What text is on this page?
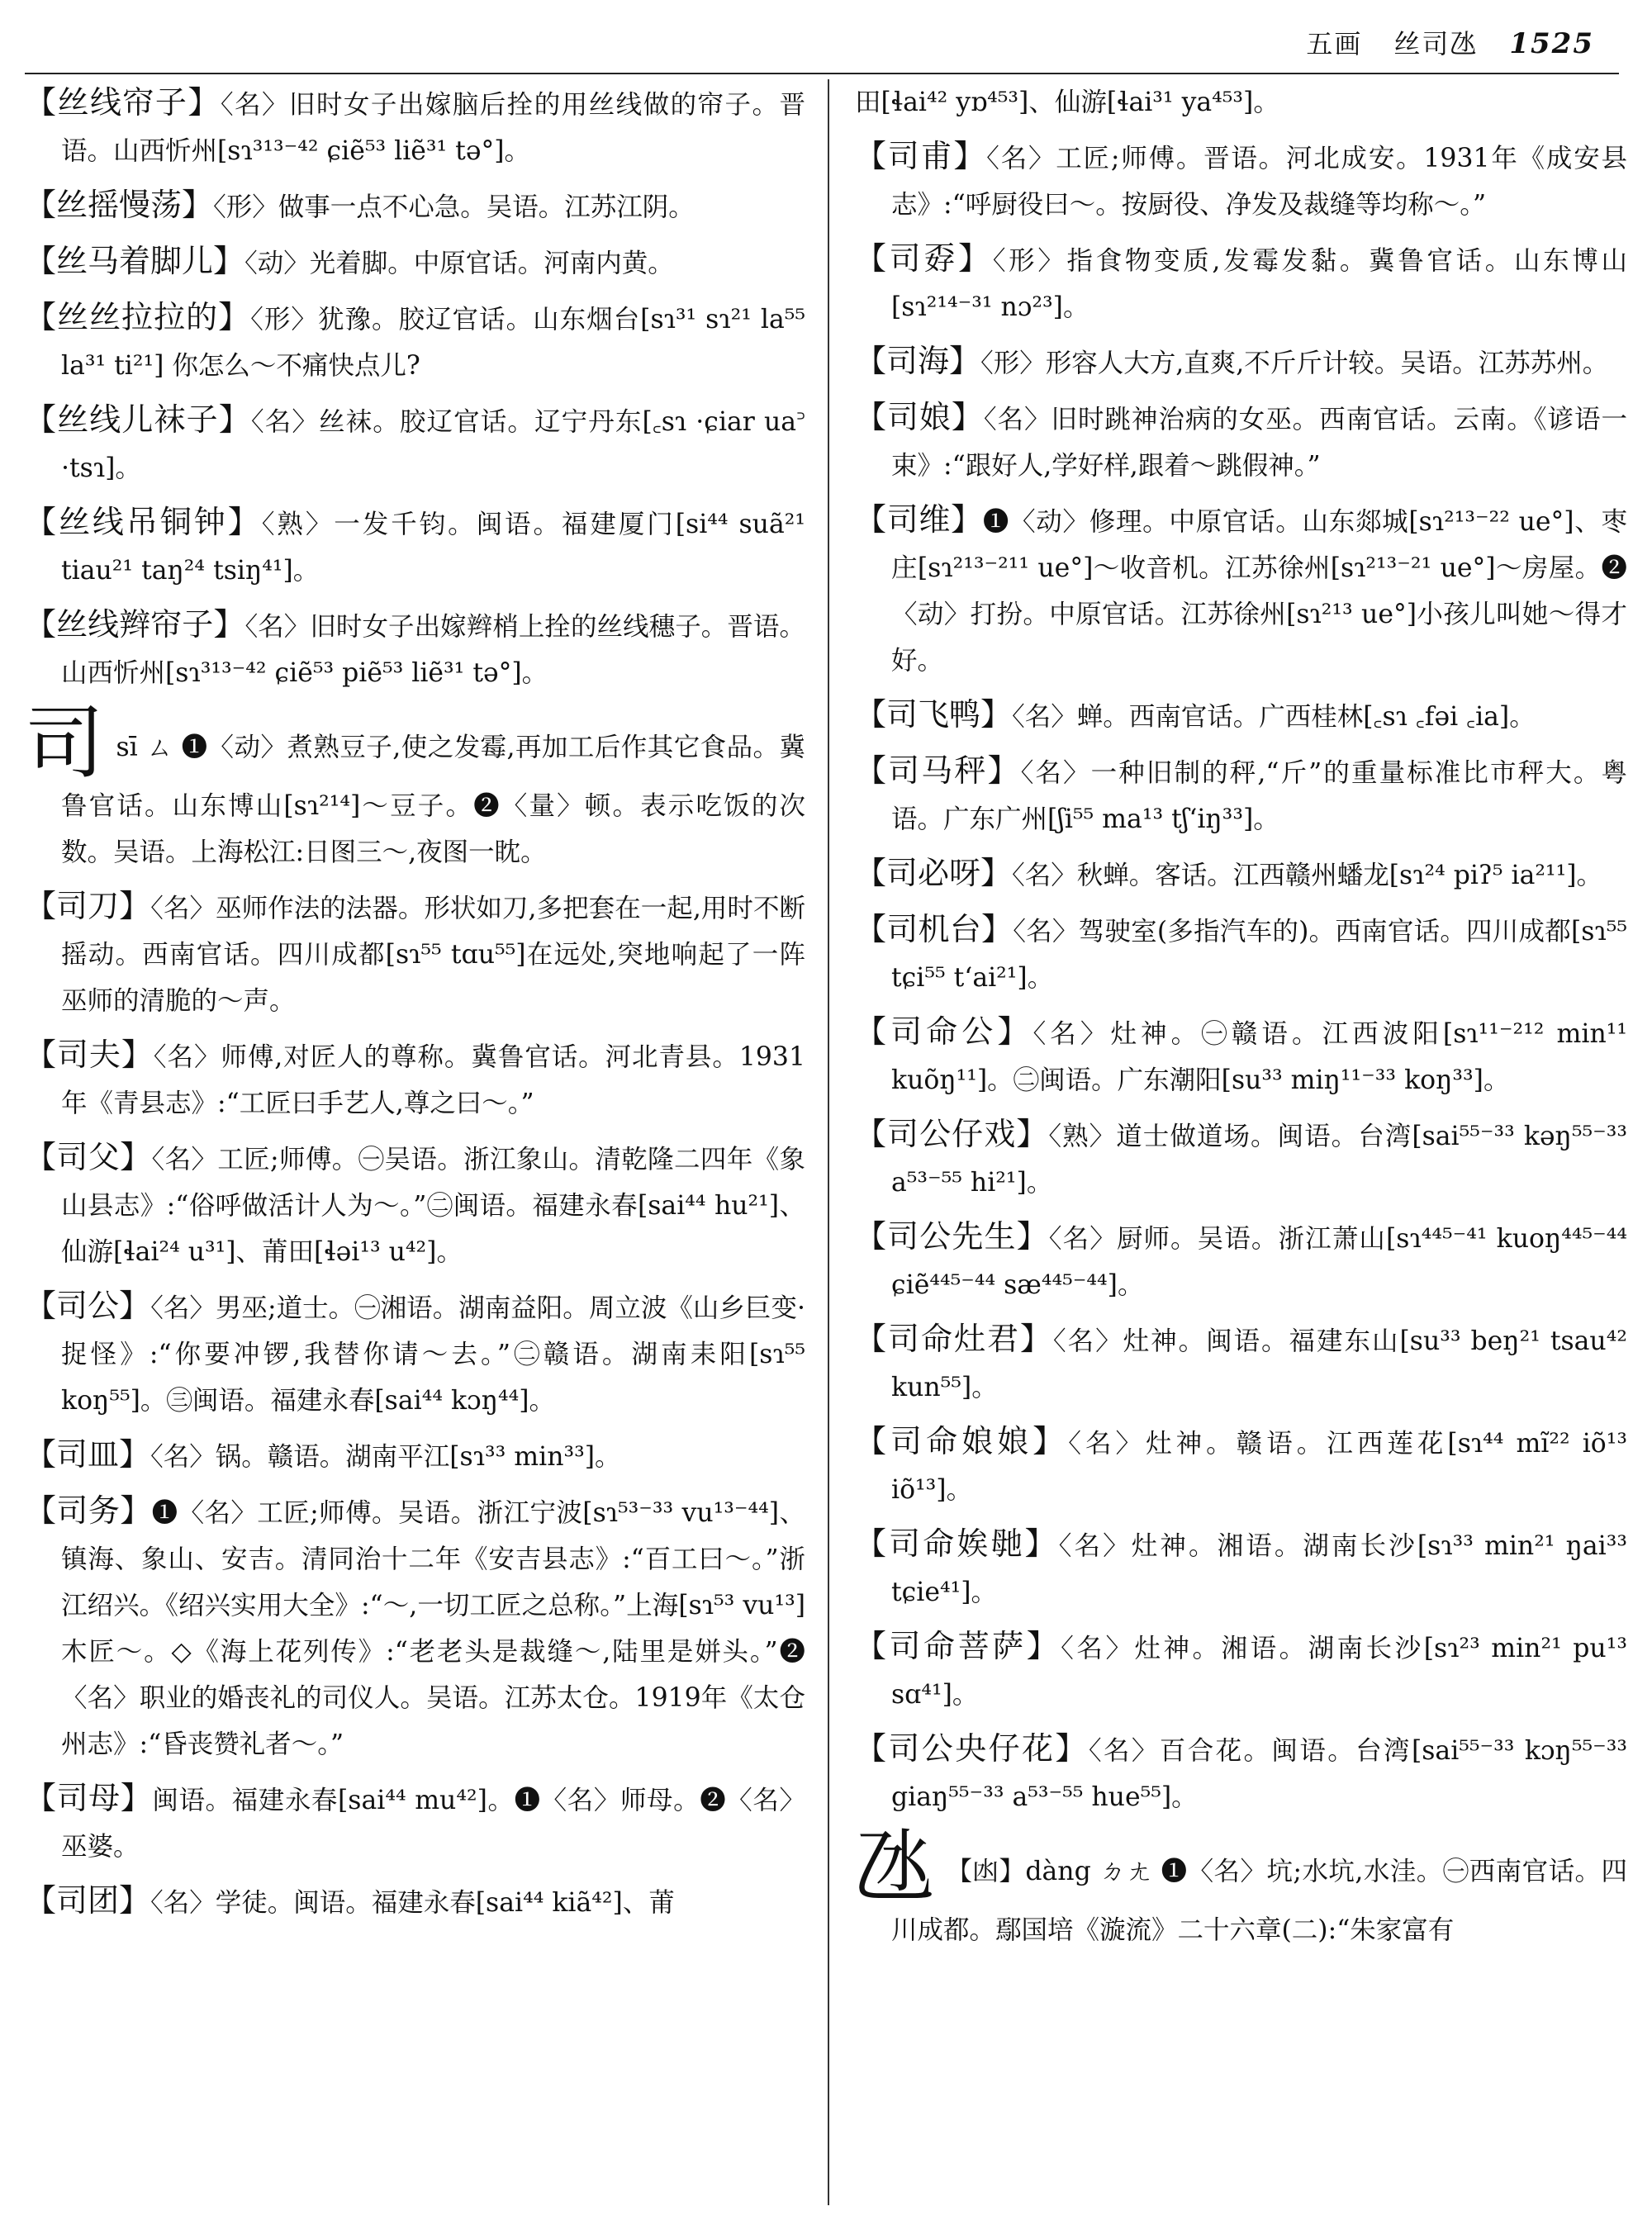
五画 丝司氹 1525
【丝线帘子】〈名〉旧时女子出嫁脑后拴的用丝线做的帘子。晋语。山西忻州[sɿ³¹³⁻⁴² ɕiẽ⁵³ liẽ³¹ tə°]。
【丝摇慢荡】〈形〉做事一点不心急。吴语。江苏江阴。
【丝马着脚儿】〈动〉光着脚。中原官话。河南内黄。
【丝丝拉拉的】〈形〉犹豫。胶辽官话。山东烟台[sɿ³¹ sɿ²¹ la⁵⁵ la³¹ ti²¹] 你怎么～不痛快点儿?
【丝线儿袜子】〈名〉丝袜。胶辽官话。辽宁丹东[꜀sɿ ·ɕiar ua꜄ ·tsɿ]。
【丝线吊铜钟】〈熟〉一发千钧。闽语。福建厦门[si⁴⁴ suã²¹ tiau²¹ taŋ²⁴ tsiŋ⁴¹]。
【丝线辫帘子】〈名〉旧时女子出嫁辫梢上拴的丝线穗子。晋语。山西忻州[sɿ³¹³⁻⁴² ɕiẽ⁵³ piẽ⁵³ liẽ³¹ tə°]。
司sī ㄙ ❶〈动〉煮熟豆子,使之发霉,再加工后作其它食品。冀鲁官话。山东博山[sɿ²¹⁴]～豆子。❷〈量〉顿。表示吃饭的次数。吴语。上海松江:日图三～,夜图一眈。
【司刀】〈名〉巫师作法的法器。形状如刀,多把套在一起,用时不断摇动。西南官话。四川成都[sɿ⁵⁵ tɑu⁵⁵]在远处,突地响起了一阵巫师的清脆的～声。
【司夫】〈名〉师傅,对匠人的尊称。冀鲁官话。河北青县。1931年《青县志》:“工匠曰手艺人,尊之曰～。”
【司父】〈名〉工匠;师傅。㊀吴语。浙江象山。清乾隆二四年《象山县志》:“俗呼做活计人为～。”㊁闽语。福建永春[sai⁴⁴ hu²¹]、仙游[ɬai²⁴ u³¹]、莆田[ɬəi¹³ u⁴²]。
【司公】〈名〉男巫;道士。㊀湘语。湖南益阳。周立波《山乡巨变·捉怪》:“你要冲锣,我替你请～去。”㊁赣语。湖南耒阳[sɿ⁵⁵ koŋ⁵⁵]。㊂闽语。福建永春[sai⁴⁴ kɔŋ⁴⁴]。
【司皿】〈名〉锅。赣语。湖南平江[sɿ³³ min³³]。
【司务】❶〈名〉工匠;师傅。吴语。浙江宁波[sɿ⁵³⁻³³ vu¹³⁻⁴⁴]、镇海、象山、安吉。清同治十二年《安吉县志》:“百工曰～。”浙江绍兴。《绍兴实用大全》:“～,一切工匠之总称。”上海[sɿ⁵³ vu¹³]木匠～。◇《海上花列传》:“老老头是裁缝～,陆里是姘头。”❷〈名〉职业的婚丧礼的司仪人。吴语。江苏太仓。1919年《太仓州志》:“昏丧赞礼者～。”
【司母】闽语。福建永春[sai⁴⁴ mu⁴²]。❶〈名〉师母。❷〈名〉巫婆。
【司团】〈名〉学徒。闽语。福建永春[sai⁴⁴ kiã⁴²]、莆
田[ɬai⁴² yɒ⁴⁵³]、仙游[ɬai³¹ ya⁴⁵³]。
【司甫】〈名〉工匠;师傅。晋语。河北成安。1931年《成安县志》:“呼厨役曰～。按厨役、净发及裁缝等均称～。”
【司孬】〈形〉指食物变质,发霉发黏。冀鲁官话。山东博山[sɿ²¹⁴⁻³¹ nɔ²³]。
【司海】〈形〉形容人大方,直爽,不斤斤计较。吴语。江苏苏州。
【司娘】〈名〉旧时跳神治病的女巫。西南官话。云南。《谚语一束》:“跟好人,学好样,跟着～跳假神。”
【司维】❶〈动〉修理。中原官话。山东郯城[sɿ²¹³⁻²² ue°]、枣庄[sɿ²¹³⁻²¹¹ ue°]～收音机。江苏徐州[sɿ²¹³⁻²¹ ue°]～房屋。❷〈动〉打扮。中原官话。江苏徐州[sɿ²¹³ ue°]小孩儿叫她～得才好。
【司飞鸭】〈名〉蝉。西南官话。广西桂林[꜀sɿ ꜀fəi ꜀ia]。
【司马秤】〈名〉一种旧制的秤,“斤”的重量标准比市秤大。粤语。广东广州[ʃi⁵⁵ ma¹³ tʃʻiŋ³³]。
【司必呀】〈名〉秋蝉。客话。江西赣州蟠龙[sɿ²⁴ piʔ⁵ ia²¹¹]。
【司机台】〈名〉驾驶室(多指汽车的)。西南官话。四川成都[sɿ⁵⁵ tɕi⁵⁵ tʻai²¹]。
【司命公】〈名〉灶神。㊀赣语。江西波阳[sɿ¹¹⁻²¹² min¹¹ kuõŋ¹¹]。㊁闽语。广东潮阳[su³³ miŋ¹¹⁻³³ koŋ³³]。
【司公仔戏】〈熟〉道士做道场。闽语。台湾[sai⁵⁵⁻³³ kəŋ⁵⁵⁻³³ a⁵³⁻⁵⁵ hi²¹]。
【司公先生】〈名〉厨师。吴语。浙江萧山[sɿ⁴⁴⁵⁻⁴¹ kuoŋ⁴⁴⁵⁻⁴⁴ ɕiẽ⁴⁴⁵⁻⁴⁴ sæ⁴⁴⁵⁻⁴⁴]。
【司命灶君】〈名〉灶神。闽语。福建东山[su³³ beŋ²¹ tsau⁴² kun⁵⁵]。
【司命娘娘】〈名〉灶神。赣语。江西莲花[sɿ⁴⁴ mĩ²² iõ¹³ iõ¹³]。
【司命娭毑】〈名〉灶神。湘语。湖南长沙[sɿ³³ min²¹ ŋai³³ tɕie⁴¹]。
【司命菩萨】〈名〉灶神。湘语。湖南长沙[sɿ²³ min²¹ pu¹³ sɑ⁴¹]。
【司公央仔花】〈名〉百合花。闽语。台湾[sai⁵⁵⁻³³ kɔŋ⁵⁵⁻³³ giaŋ⁵⁵⁻³³ a⁵³⁻⁵⁵ hue⁵⁵]。
氹 【凼】dàng ㄉㄤ ❶〈名〉坑;水坑,水洼。㊀西南官话。四川成都。鄢国培《漩流》二十六章(二):“朱家富有
